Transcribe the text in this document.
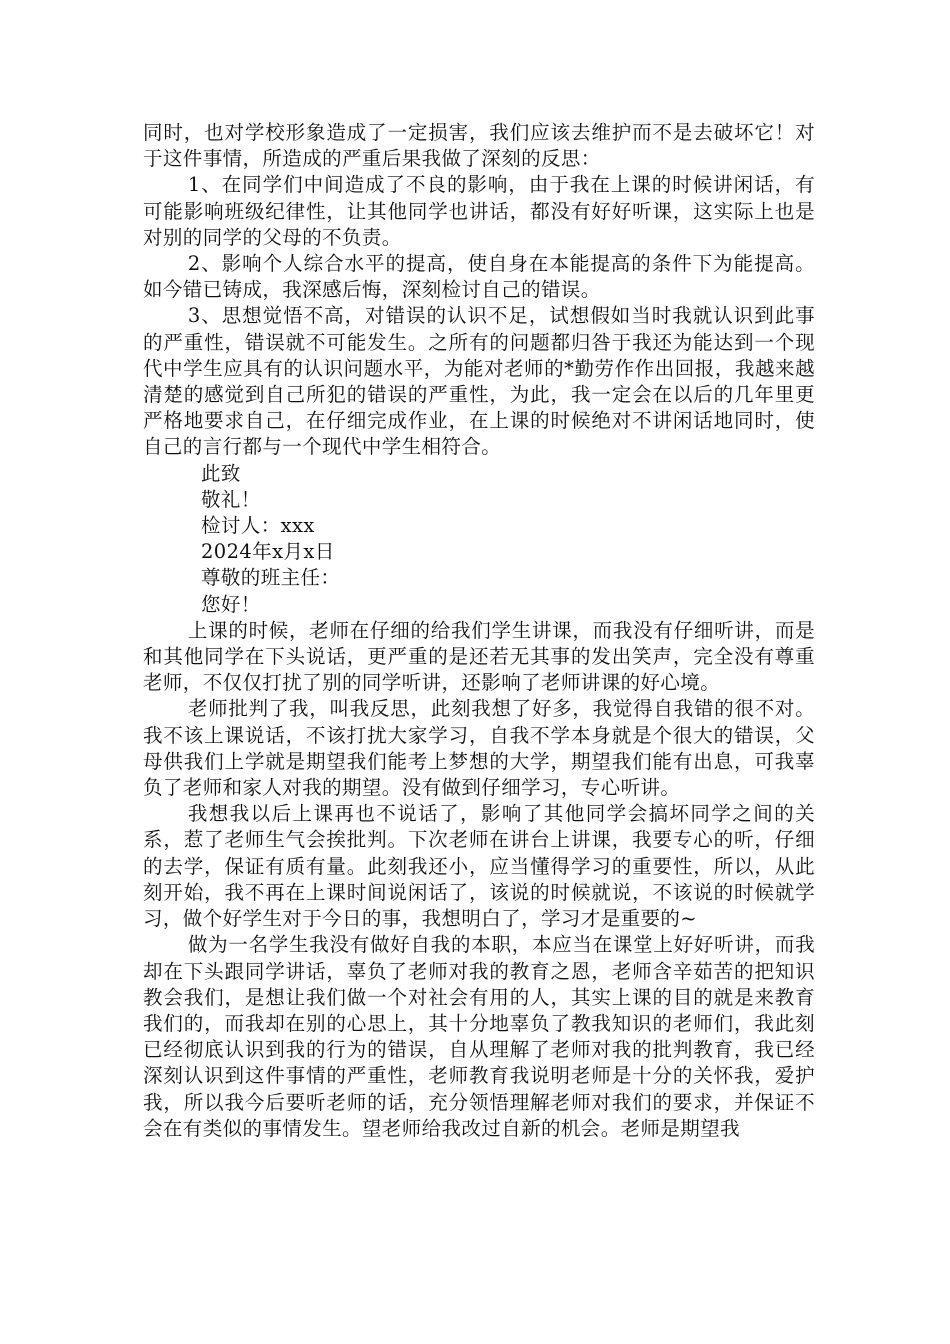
同时，也对学校形象造成了一定损害，我们应该去维护而不是去破坏它！对于这件事情，所造成的严重后果我做了深刻的反思：

1、在同学们中间造成了不良的影响，由于我在上课的时候讲闲话，有可能影响班级纪律性，让其他同学也讲话，都没有好好听课，这实际上也是对别的同学的父母的不负责。

2、影响个人综合水平的提高，使自身在本能提高的条件下为能提高。如今错已铸成，我深感后悔，深刻检讨自己的错误。

3、思想觉悟不高，对错误的认识不足，试想假如当时我就认识到此事的严重性，错误就不可能发生。之所有的问题都归咎于我还为能达到一个现代中学生应具有的认识问题水平，为能对老师的*勤劳作作出回报，我越来越清楚的感觉到自己所犯的错误的严重性，为此，我一定会在以后的几年里更严格地要求自己，在仔细完成作业，在上课的时候绝对不讲闲话地同时，使自己的言行都与一个现代中学生相符合。

此致

敬礼！

检讨人：xxx

2024年x月x日

尊敬的班主任：

您好！

上课的时候，老师在仔细的给我们学生讲课，而我没有仔细听讲，而是和其他同学在下头说话，更严重的是还若无其事的发出笑声，完全没有尊重老师，不仅仅打扰了别的同学听讲，还影响了老师讲课的好心境。

老师批判了我，叫我反思，此刻我想了好多，我觉得自我错的很不对。我不该上课说话，不该打扰大家学习，自我不学本身就是个很大的错误，父母供我们上学就是期望我们能考上梦想的大学，期望我们能有出息，可我辜负了老师和家人对我的期望。没有做到仔细学习，专心听讲。

我想我以后上课再也不说话了，影响了其他同学会搞坏同学之间的关系，惹了老师生气会挨批判。下次老师在讲台上讲课，我要专心的听，仔细的去学，保证有质有量。此刻我还小，应当懂得学习的重要性，所以，从此刻开始，我不再在上课时间说闲话了，该说的时候就说，不该说的时候就学习，做个好学生对于今日的事，我想明白了，学习才是重要的~

做为一名学生我没有做好自我的本职，本应当在课堂上好好听讲，而我却在下头跟同学讲话，辜负了老师对我的教育之恩，老师含辛茹苦的把知识教会我们，是想让我们做一个对社会有用的人，其实上课的目的就是来教育我们的，而我却在别的心思上，其十分地辜负了教我知识的老师们，我此刻已经彻底认识到我的行为的错误，自从理解了老师对我的批判教育，我已经深刻认识到这件事情的严重性，老师教育我说明老师是十分的关怀我，爱护我，所以我今后要听老师的话，充分领悟理解老师对我们的要求，并保证不会在有类似的事情发生。望老师给我改过自新的机会。老师是期望我
